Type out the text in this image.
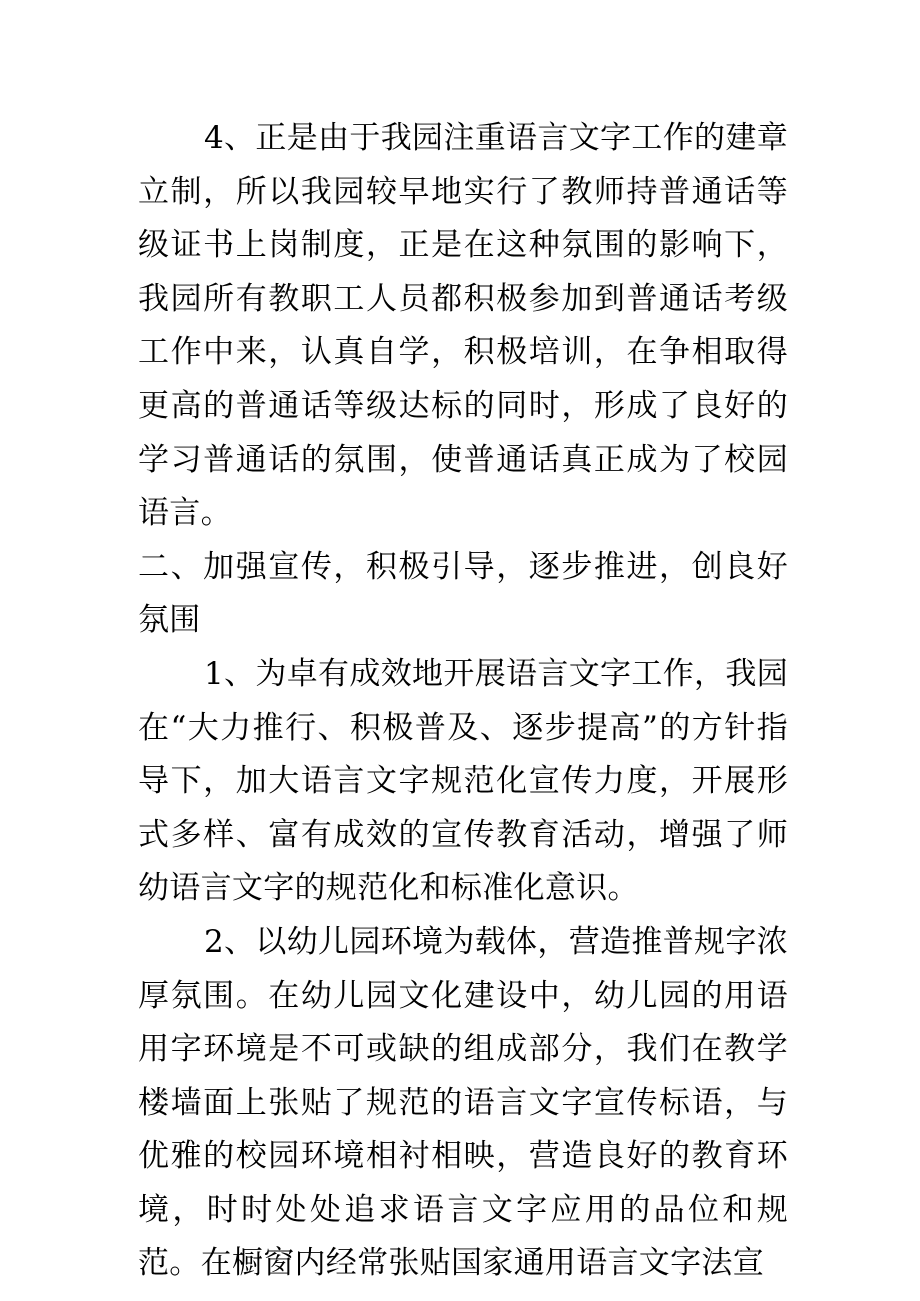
4、正是由于我园注重语言文字工作的建章立制，所以我园较早地实行了教师持普通话等级证书上岗制度，正是在这种氛围的影响下，我园所有教职工人员都积极参加到普通话考级工作中来，认真自学，积极培训，在争相取得更高的普通话等级达标的同时，形成了良好的学习普通话的氛围，使普通话真正成为了校园语言。

二、加强宣传，积极引导，逐步推进，创良好氛围

1、为卓有成效地开展语言文字工作，我园在“大力推行、积极普及、逐步提高”的方针指导下，加大语言文字规范化宣传力度，开展形式多样、富有成效的宣传教育活动，增强了师幼语言文字的规范化和标准化意识。

2、以幼儿园环境为载体，营造推普规字浓厚氛围。在幼儿园文化建设中，幼儿园的用语用字环境是不可或缺的组成部分，我们在教学楼墙面上张贴了规范的语言文字宣传标语，与优雅的校园环境相衬相映，营造良好的教育环境，时时处处追求语言文字应用的品位和规范。在橱窗内经常张贴国家通用语言文字法宣
